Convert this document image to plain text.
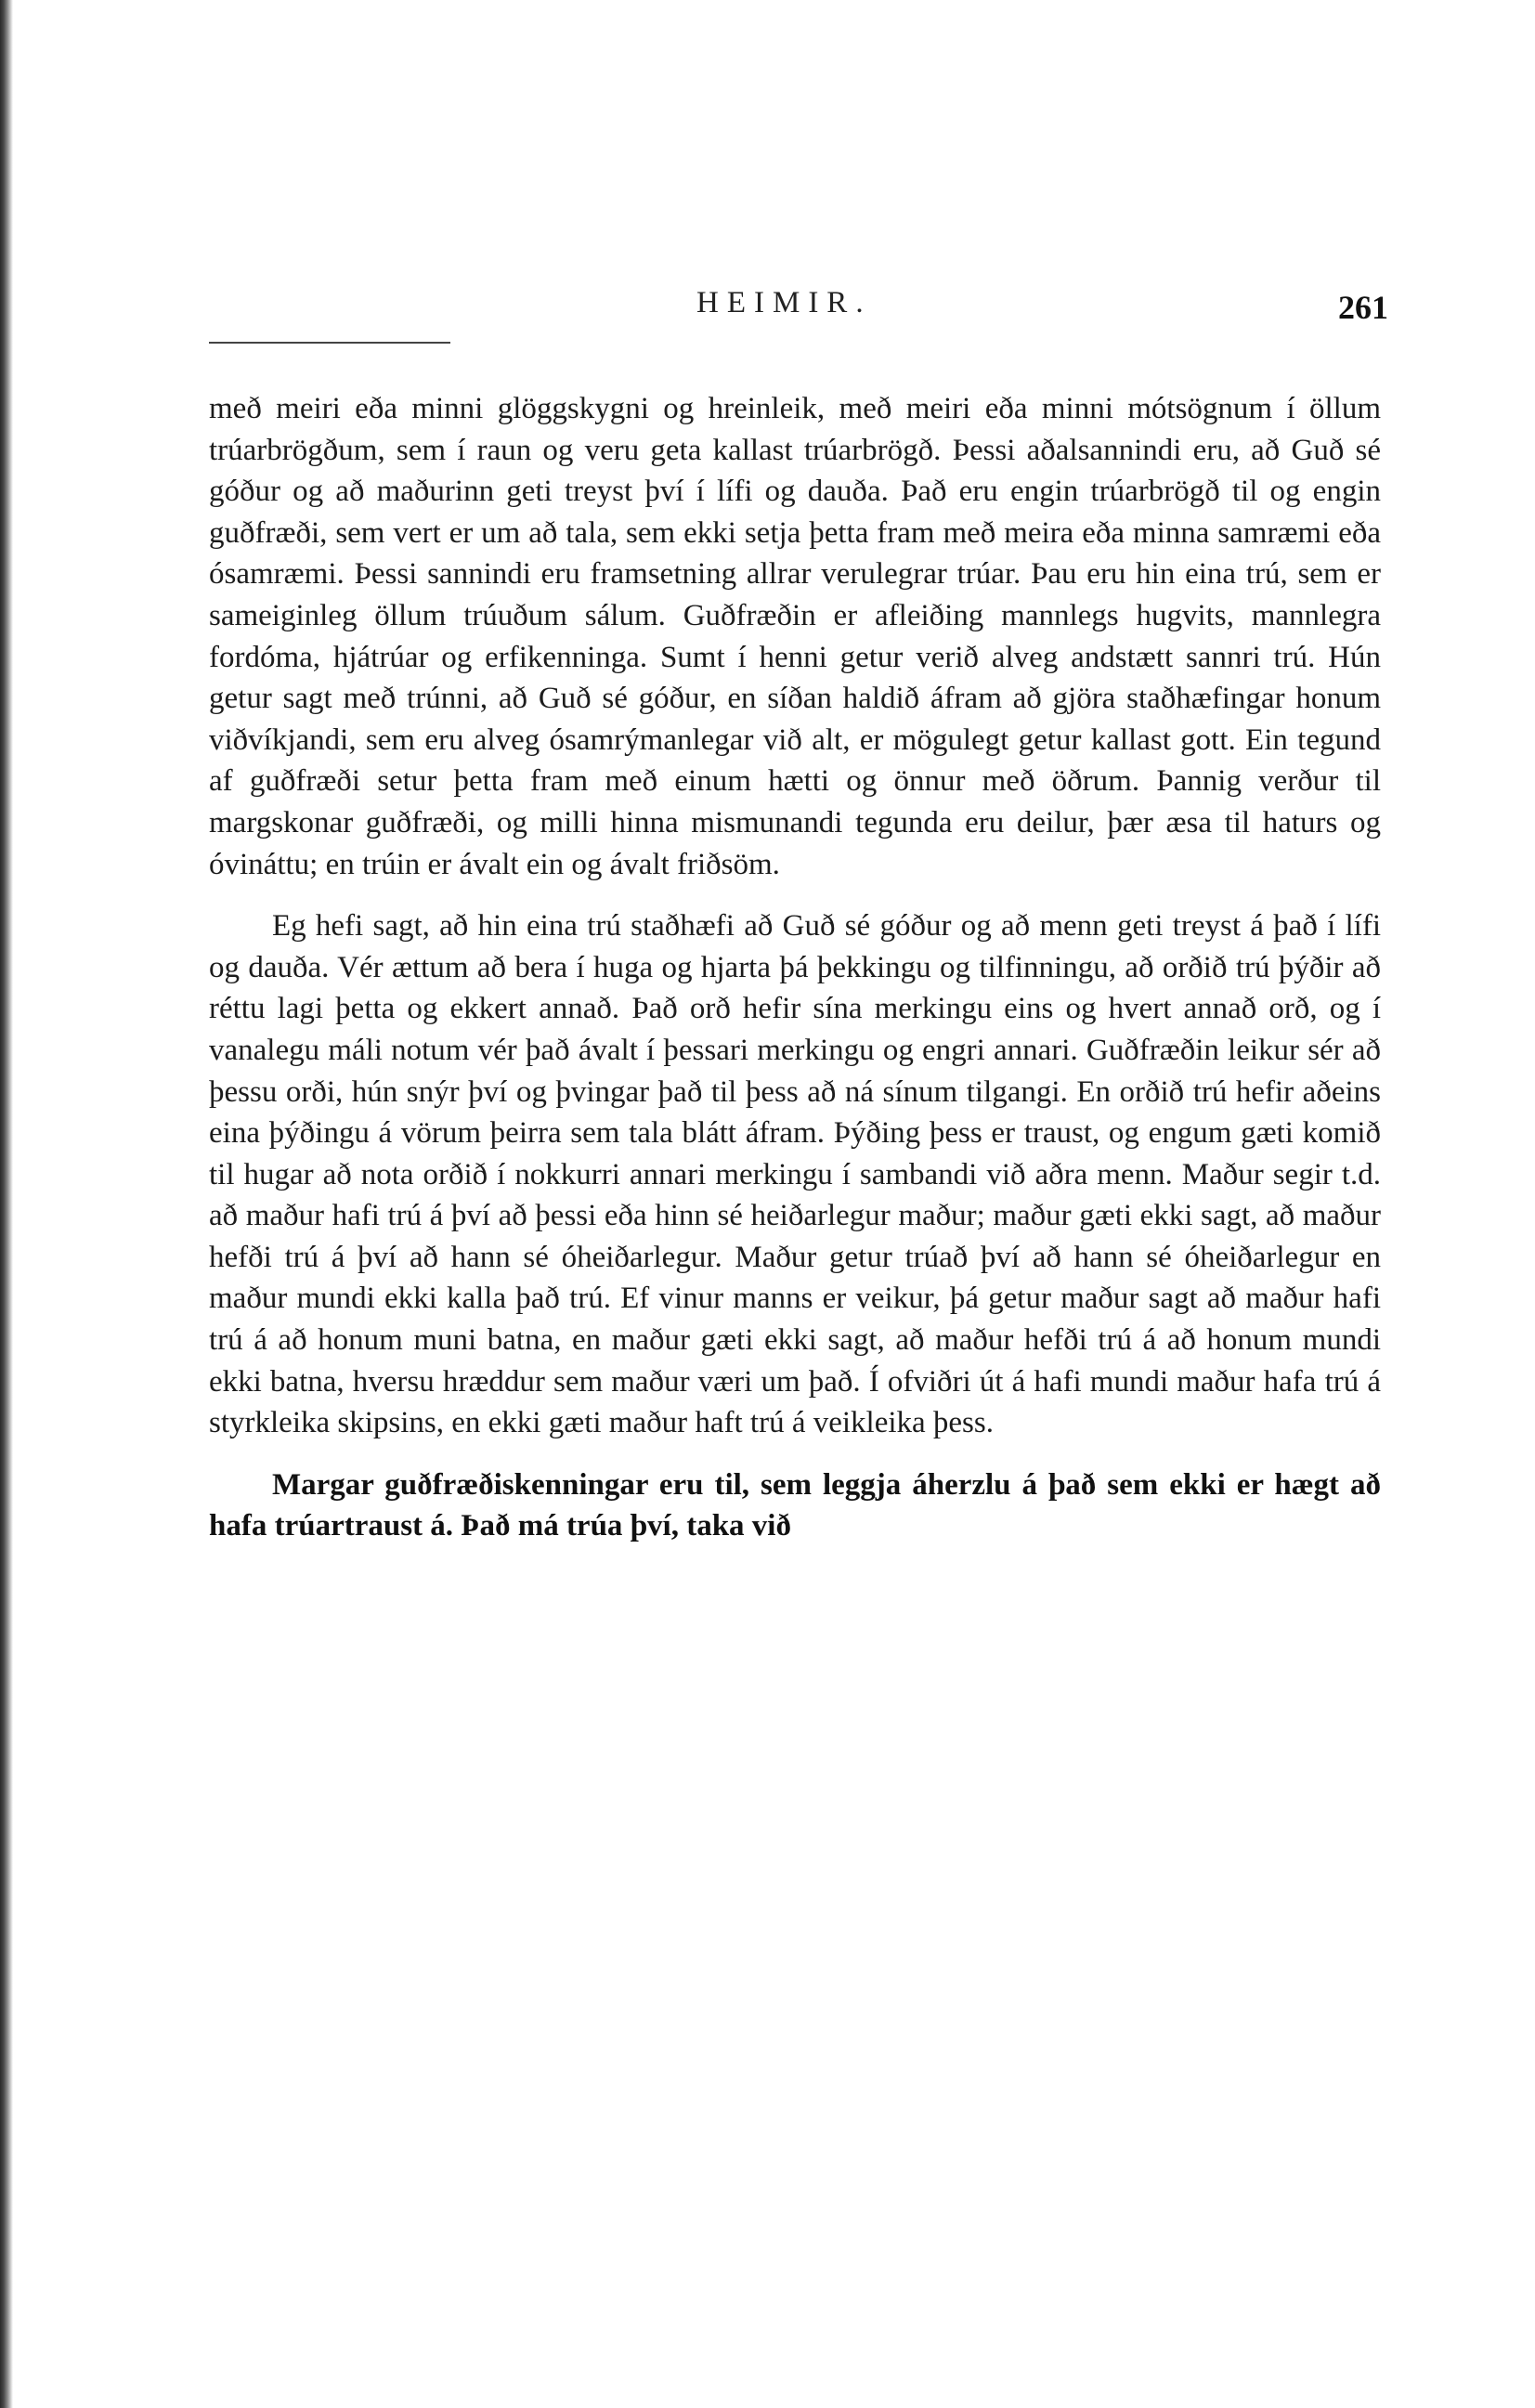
HEIMIR.	261

með meiri eða minni glöggskygni og hreinleik, með meiri eða minni mótsögnum í öllum trúarbrögðum, sem í raun og veru geta kallast trúarbrögð. Þessi aðalsannindi eru, að Guð sé góður og að maðurinn geti treyst því í lífi og dauða. Það eru engin trúarbrögð til og engin guðfræði, sem vert er um að tala, sem ekki setja þetta fram með meira eða minna samræmi eða ósamræmi. Þessi sannindi eru framsetning allrar verulegrar trúar. Þau eru hin eina trú, sem er sameiginleg öllum trúuðum sálum. Guðfræðin er afleiðing mannlegs hugvits, mannlegra fordóma, hjátrúar og erfikenninga. Sumt í henni getur verið alveg andstætt sannri trú. Hún getur sagt með trúnni, að Guð sé góður, en síðan haldið áfram að gjöra staðhæfingar honum viðvíkjandi, sem eru alveg ósamrýmanlegar við alt, er mögulegt getur kallast gott. Ein tegund af guðfræði setur þetta fram með einum hætti og önnur með öðrum. Þannig verður til margskonar guðfræði, og milli hinna mismunandi tegunda eru deilur, þær æsa til haturs og óvináttu; en trúin er ávalt ein og ávalt friðsöm.

Eg hefi sagt, að hin eina trú staðhæfi að Guð sé góður og að menn geti treyst á það í lífi og dauða. Vér ættum að bera í huga og hjarta þá þekkingu og tilfinningu, að orðið trú þýðir að réttu lagi þetta og ekkert annað. Það orð hefir sína merkingu eins og hvert annað orð, og í vanalegu máli notum vér það ávalt í þessari merkingu og engri annari. Guðfræðin leikur sér að þessu orði, hún snýr því og þvingar það til þess að ná sínum tilgangi. En orðið trú hefir aðeins eina þýðingu á vörum þeirra sem tala blátt áfram. Þýðing þess er traust, og engum gæti komið til hugar að nota orðið í nokkurri annari merkingu í sambandi við aðra menn. Maður segir t.d. að maður hafi trú á því að þessi eða hinn sé heiðarlegur maður; maður gæti ekki sagt, að maður hefði trú á því að hann sé óheiðarlegur. Maður getur trúað því að hann sé óheiðarlegur en maður mundi ekki kalla það trú. Ef vinur manns er veikur, þá getur maður sagt að maður hafi trú á að honum muni batna, en maður gæti ekki sagt, að maður hefði trú á að honum mundi ekki batna, hversu hræddur sem maður væri um það. Í ofviðri út á hafi mundi maður hafa trú á styrkleika skipsins, en ekki gæti maður haft trú á veikleika þess.

Margar guðfræðiskenningar eru til, sem leggja áherzlu á það sem ekki er hægt að hafa trúartraust á. Það má trúa því, taka við
